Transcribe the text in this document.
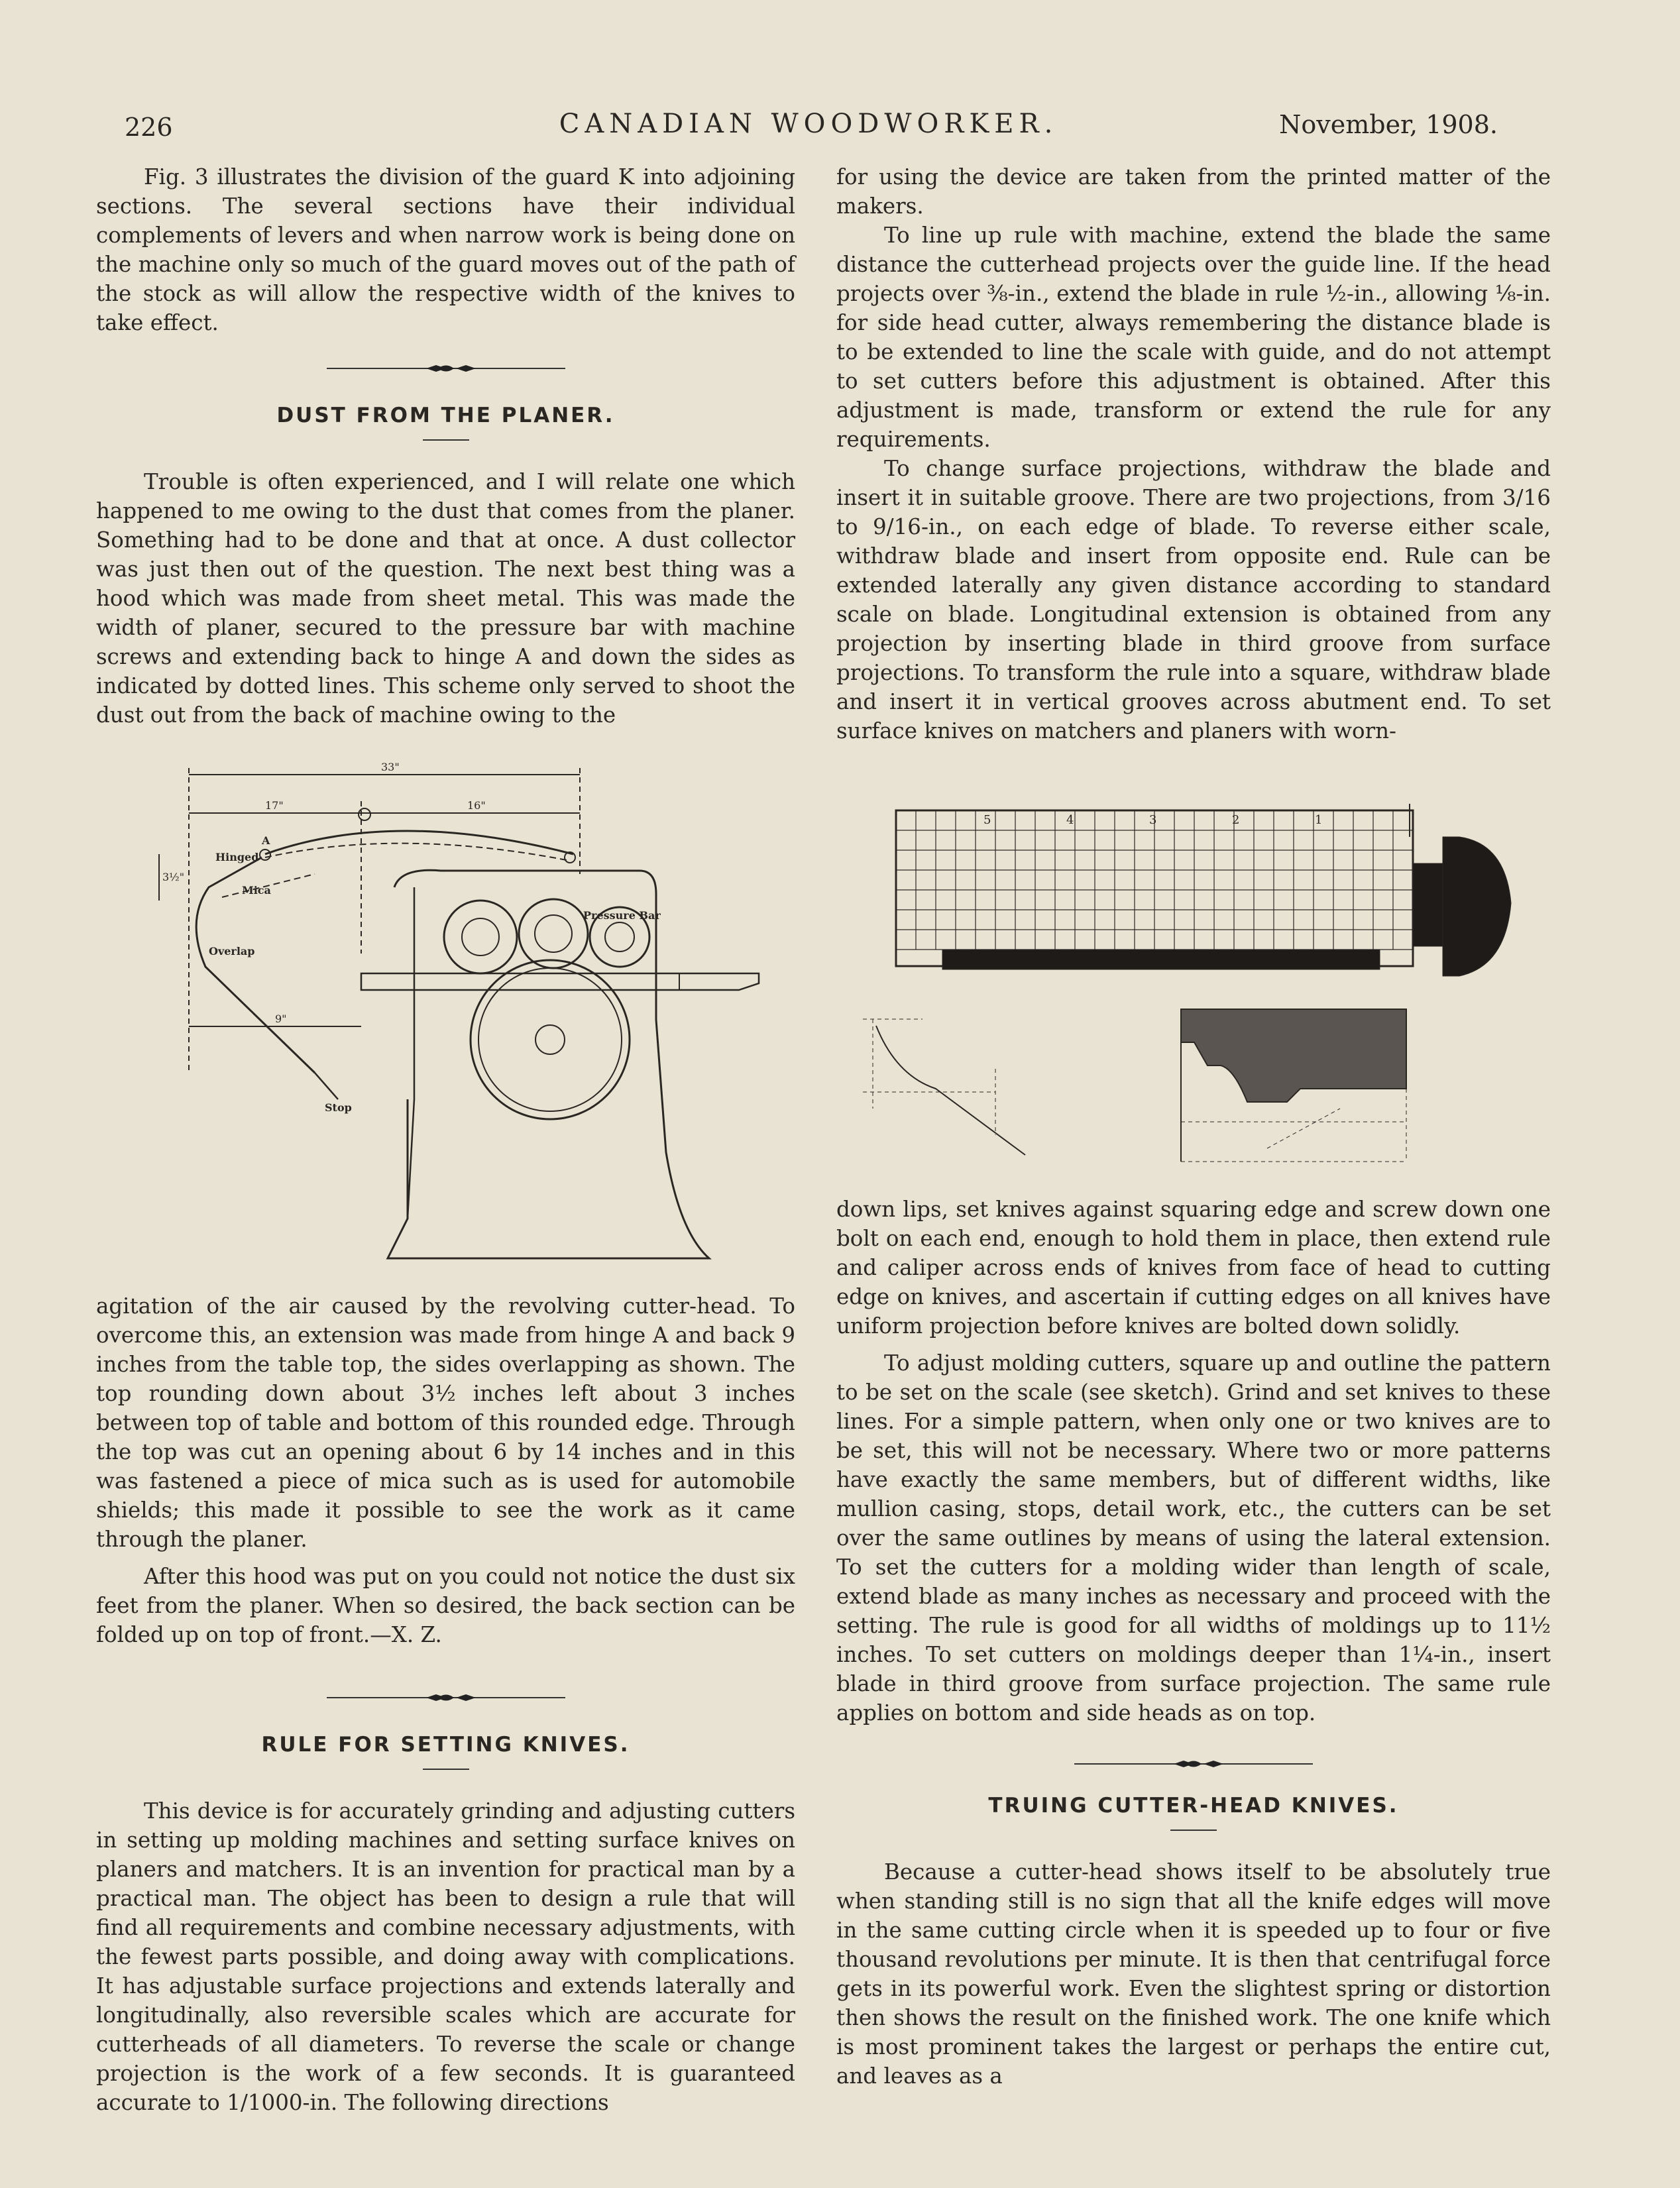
226	CANADIAN WOODWORKER.	November, 1908.

Fig. 3 illustrates the division of the guard K into adjoining sections. The several sections have their individual complements of levers and when narrow work is being done on the machine only so much of the guard moves out of the path of the stock as will allow the respective width of the knives to take effect.

DUST FROM THE PLANER.

Trouble is often experienced, and I will relate one which happened to me owing to the dust that comes from the planer. Something had to be done and that at once. A dust collector was just then out of the question. The next best thing was a hood which was made from sheet metal. This was made the width of planer, secured to the pressure bar with machine screws and extending back to hinge A and down the sides as indicated by dotted lines. This scheme only served to shoot the dust out from the back of machine owing to the

33"
17"	16"
3½"
9"
Hinged
A
Mica
Overlap
Pressure Bar
Stop

agitation of the air caused by the revolving cutter-head. To overcome this, an extension was made from hinge A and back 9 inches from the table top, the sides overlapping as shown. The top rounding down about 3½ inches left about 3 inches between top of table and bottom of this rounded edge. Through the top was cut an opening about 6 by 14 inches and in this was fastened a piece of mica such as is used for automobile shields; this made it possible to see the work as it came through the planer.

After this hood was put on you could not notice the dust six feet from the planer. When so desired, the back section can be folded up on top of front.—X. Z.

RULE FOR SETTING KNIVES.

This device is for accurately grinding and adjusting cutters in setting up molding machines and setting surface knives on planers and matchers. It is an invention for practical man by a practical man. The object has been to design a rule that will find all requirements and combine necessary adjustments, with the fewest parts possible, and doing away with complications. It has adjustable surface projections and extends laterally and longitudinally, also reversible scales which are accurate for cutterheads of all diameters. To reverse the scale or change projection is the work of a few seconds. It is guaranteed accurate to 1/1000-in. The following directions

for using the device are taken from the printed matter of the makers.

To line up rule with machine, extend the blade the same distance the cutterhead projects over the guide line. If the head projects over ⅜-in., extend the blade in rule ½-in., allowing ⅛-in. for side head cutter, always remembering the distance blade is to be extended to line the scale with guide, and do not attempt to set cutters before this adjustment is obtained. After this adjustment is made, transform or extend the rule for any requirements.

To change surface projections, withdraw the blade and insert it in suitable groove. There are two projections, from 3/16 to 9/16-in., on each edge of blade. To reverse either scale, withdraw blade and insert from opposite end. Rule can be extended laterally any given distance according to standard scale on blade. Longitudinal extension is obtained from any projection by inserting blade in third groove from surface projections. To transform the rule into a square, withdraw blade and insert it in vertical grooves across abutment end. To set surface knives on matchers and planers with worn-

5	4	3	2	1

down lips, set knives against squaring edge and screw down one bolt on each end, enough to hold them in place, then extend rule and caliper across ends of knives from face of head to cutting edge on knives, and ascertain if cutting edges on all knives have uniform projection before knives are bolted down solidly.

To adjust molding cutters, square up and outline the pattern to be set on the scale (see sketch). Grind and set knives to these lines. For a simple pattern, when only one or two knives are to be set, this will not be necessary. Where two or more patterns have exactly the same members, but of different widths, like mullion casing, stops, detail work, etc., the cutters can be set over the same outlines by means of using the lateral extension. To set the cutters for a molding wider than length of scale, extend blade as many inches as necessary and proceed with the setting. The rule is good for all widths of moldings up to 11½ inches. To set cutters on moldings deeper than 1¼-in., insert blade in third groove from surface projection. The same rule applies on bottom and side heads as on top.

TRUING CUTTER-HEAD KNIVES.

Because a cutter-head shows itself to be absolutely true when standing still is no sign that all the knife edges will move in the same cutting circle when it is speeded up to four or five thousand revolutions per minute. It is then that centrifugal force gets in its powerful work. Even the slightest spring or distortion then shows the result on the finished work. The one knife which is most prominent takes the largest or perhaps the entire cut, and leaves as a
